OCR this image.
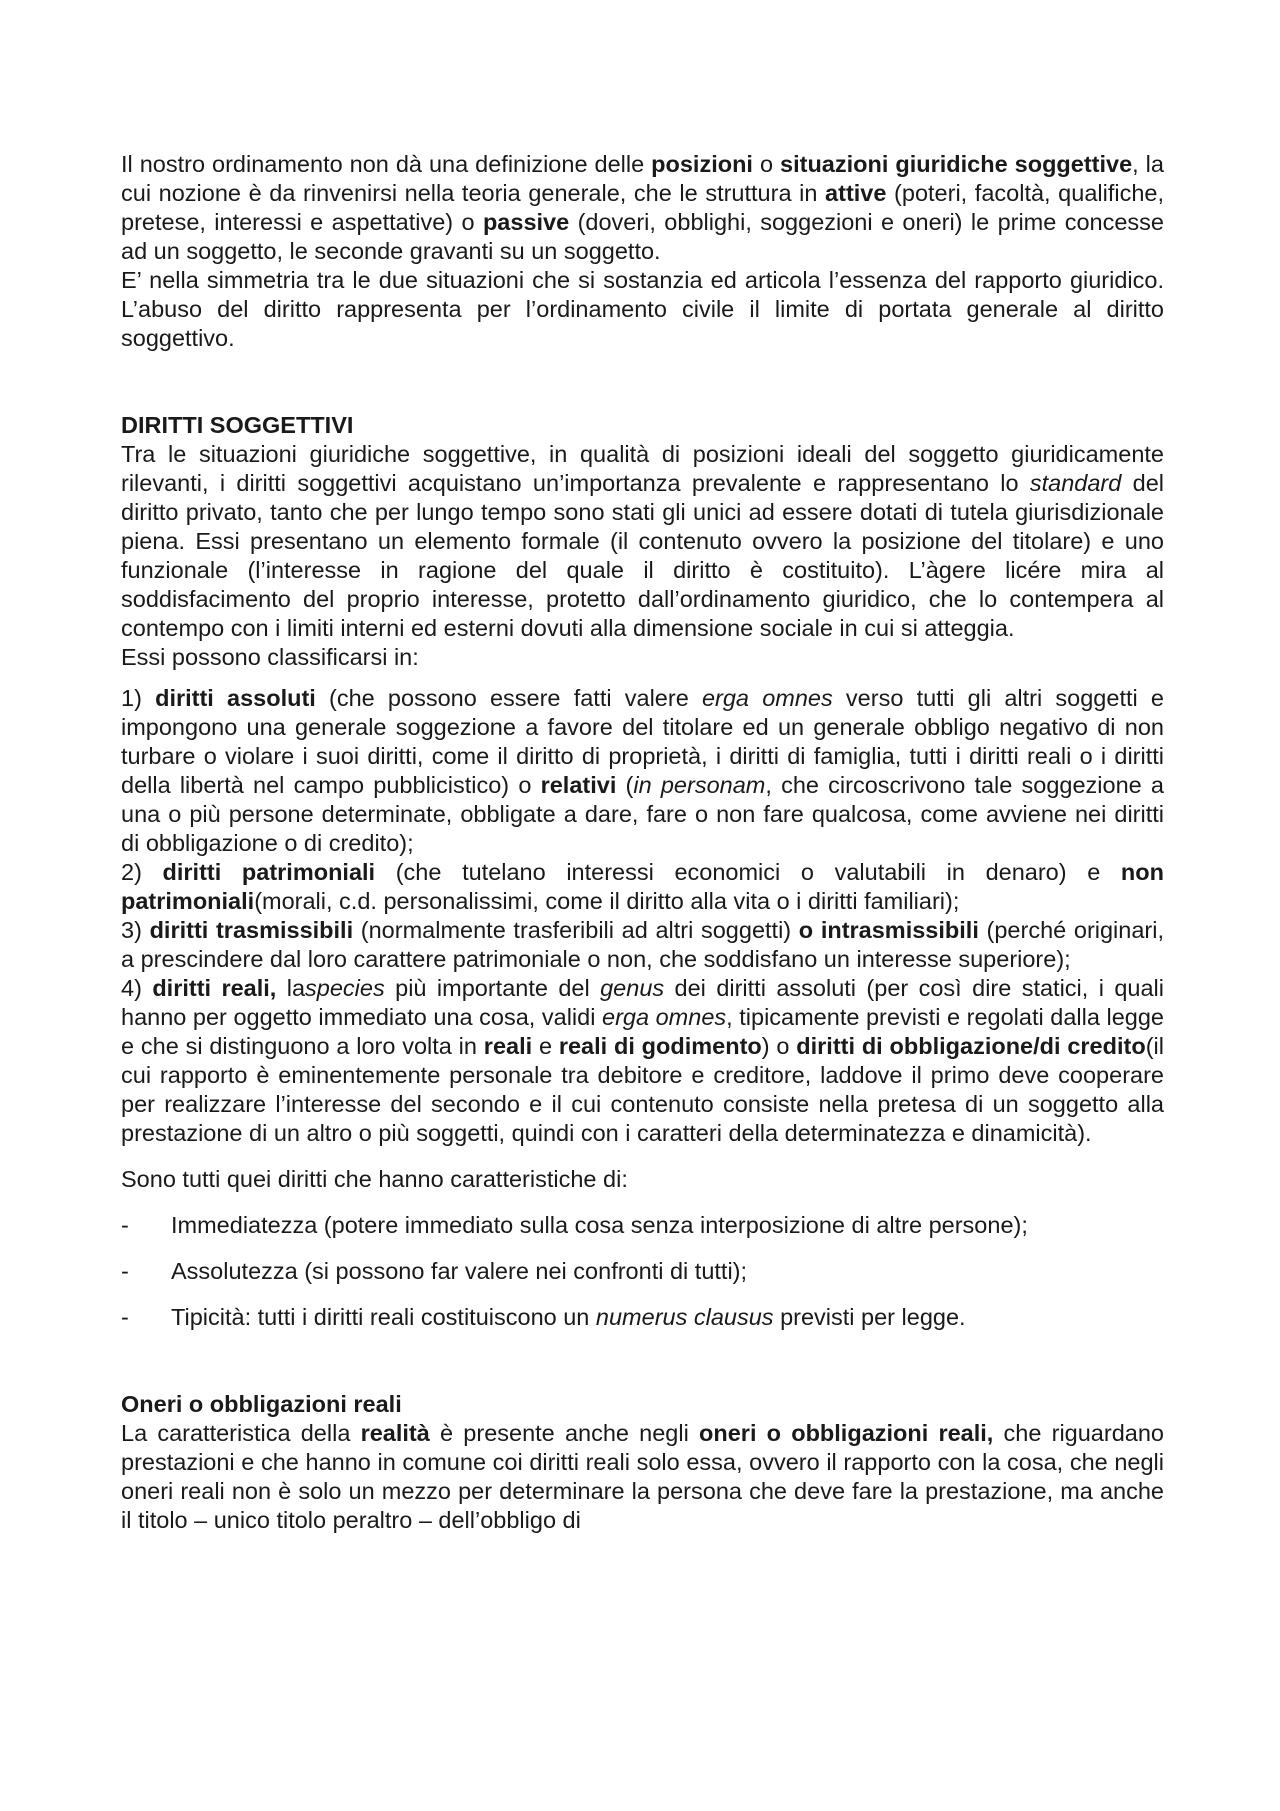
Il nostro ordinamento non dà una definizione delle posizioni o situazioni giuridiche soggettive, la cui nozione è da rinvenirsi nella teoria generale, che le struttura in attive (poteri, facoltà, qualifiche, pretese, interessi e aspettative) o passive (doveri, obblighi, soggezioni e oneri) le prime concesse ad un soggetto, le seconde gravanti su un soggetto.

E’ nella simmetria tra le due situazioni che si sostanzia ed articola l’essenza del rapporto giuridico. L’abuso del diritto rappresenta per l’ordinamento civile il limite di portata generale al diritto soggettivo.

DIRITTI SOGGETTIVI

Tra le situazioni giuridiche soggettive, in qualità di posizioni ideali del soggetto giuridicamente rilevanti, i diritti soggettivi acquistano un’importanza prevalente e rappresentano lo standard del diritto privato, tanto che per lungo tempo sono stati gli unici ad essere dotati di tutela giurisdizionale piena. Essi presentano un elemento formale (il contenuto ovvero la posizione del titolare) e uno funzionale (l’interesse in ragione del quale il diritto è costituito). L’àgere licére mira al soddisfacimento del proprio interesse, protetto dall’ordinamento giuridico, che lo contempera al contempo con i limiti interni ed esterni dovuti alla dimensione sociale in cui si atteggia.

Essi possono classificarsi in:

1) diritti assoluti (che possono essere fatti valere erga omnes verso tutti gli altri soggetti e impongono una generale soggezione a favore del titolare ed un generale obbligo negativo di non turbare o violare i suoi diritti, come il diritto di proprietà, i diritti di famiglia, tutti i diritti reali o i diritti della libertà nel campo pubblicistico) o relativi (in personam, che circoscrivono tale soggezione a una o più persone determinate, obbligate a dare, fare o non fare qualcosa, come avviene nei diritti di obbligazione o di credito);

2) diritti patrimoniali (che tutelano interessi economici o valutabili in denaro) e non patrimoniali(morali, c.d. personalissimi, come il diritto alla vita o i diritti familiari);

3) diritti trasmissibili (normalmente trasferibili ad altri soggetti) o intrasmissibili (perché originari, a prescindere dal loro carattere patrimoniale o non, che soddisfano un interesse superiore);

4) diritti reali, laspecies più importante del genus dei diritti assoluti (per così dire statici, i quali hanno per oggetto immediato una cosa, validi erga omnes, tipicamente previsti e regolati dalla legge e che si distinguono a loro volta in reali e reali di godimento) o diritti di obbligazione/di credito(il cui rapporto è eminentemente personale tra debitore e creditore, laddove il primo deve cooperare per realizzare l’interesse del secondo e il cui contenuto consiste nella pretesa di un soggetto alla prestazione di un altro o più soggetti, quindi con i caratteri della determinatezza e dinamicità).

Sono tutti quei diritti che hanno caratteristiche di:

-	Immediatezza (potere immediato sulla cosa senza interposizione di altre persone);
-	Assolutezza (si possono far valere nei confronti di tutti);
-	Tipicità: tutti i diritti reali costituiscono un numerus clausus previsti per legge.

Oneri o obbligazioni reali

La caratteristica della realità è presente anche negli oneri o obbligazioni reali, che riguardano prestazioni e che hanno in comune coi diritti reali solo essa, ovvero il rapporto con la cosa, che negli oneri reali non è solo un mezzo per determinare la persona che deve fare la prestazione, ma anche il titolo – unico titolo peraltro – dell’obbligo di
